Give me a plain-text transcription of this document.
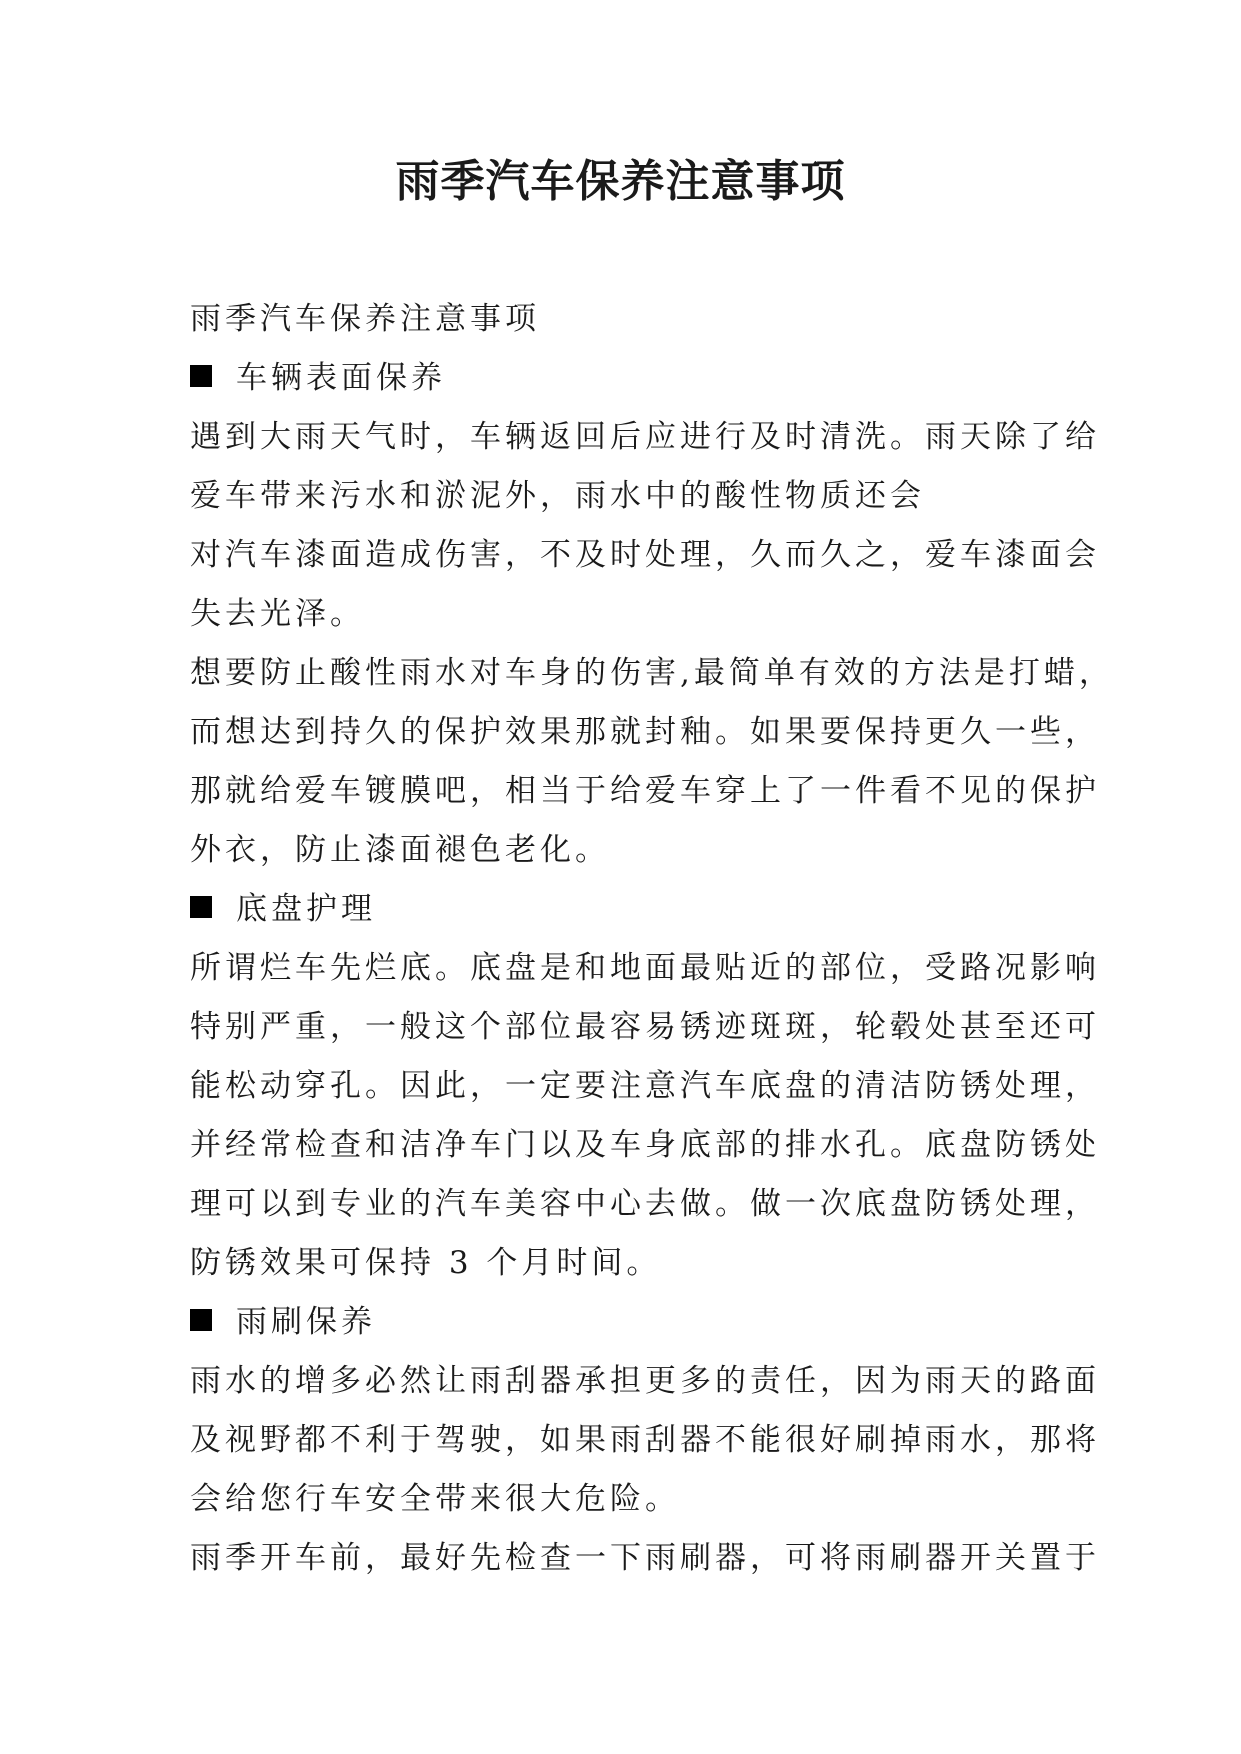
雨季汽车保养注意事项
雨季汽车保养注意事项
车辆表面保养
遇到大雨天气时，车辆返回后应进行及时清洗。雨天除了给
爱车带来污水和淤泥外，雨水中的酸性物质还会
对汽车漆面造成伤害，不及时处理，久而久之，爱车漆面会
失去光泽。
想要防止酸性雨水对车身的伤害,最简单有效的方法是打蜡，
而想达到持久的保护效果那就封釉。如果要保持更久一些，
那就给爱车镀膜吧，相当于给爱车穿上了一件看不见的保护
外衣，防止漆面褪色老化。
底盘护理
所谓烂车先烂底。底盘是和地面最贴近的部位，受路况影响
特别严重，一般这个部位最容易锈迹斑斑，轮毂处甚至还可
能松动穿孔。因此，一定要注意汽车底盘的清洁防锈处理，
并经常检查和洁净车门以及车身底部的排水孔。底盘防锈处
理可以到专业的汽车美容中心去做。做一次底盘防锈处理，
防锈效果可保持 3 个月时间。
雨刷保养
雨水的增多必然让雨刮器承担更多的责任，因为雨天的路面
及视野都不利于驾驶，如果雨刮器不能很好刷掉雨水，那将
会给您行车安全带来很大危险。
雨季开车前，最好先检查一下雨刷器，可将雨刷器开关置于
